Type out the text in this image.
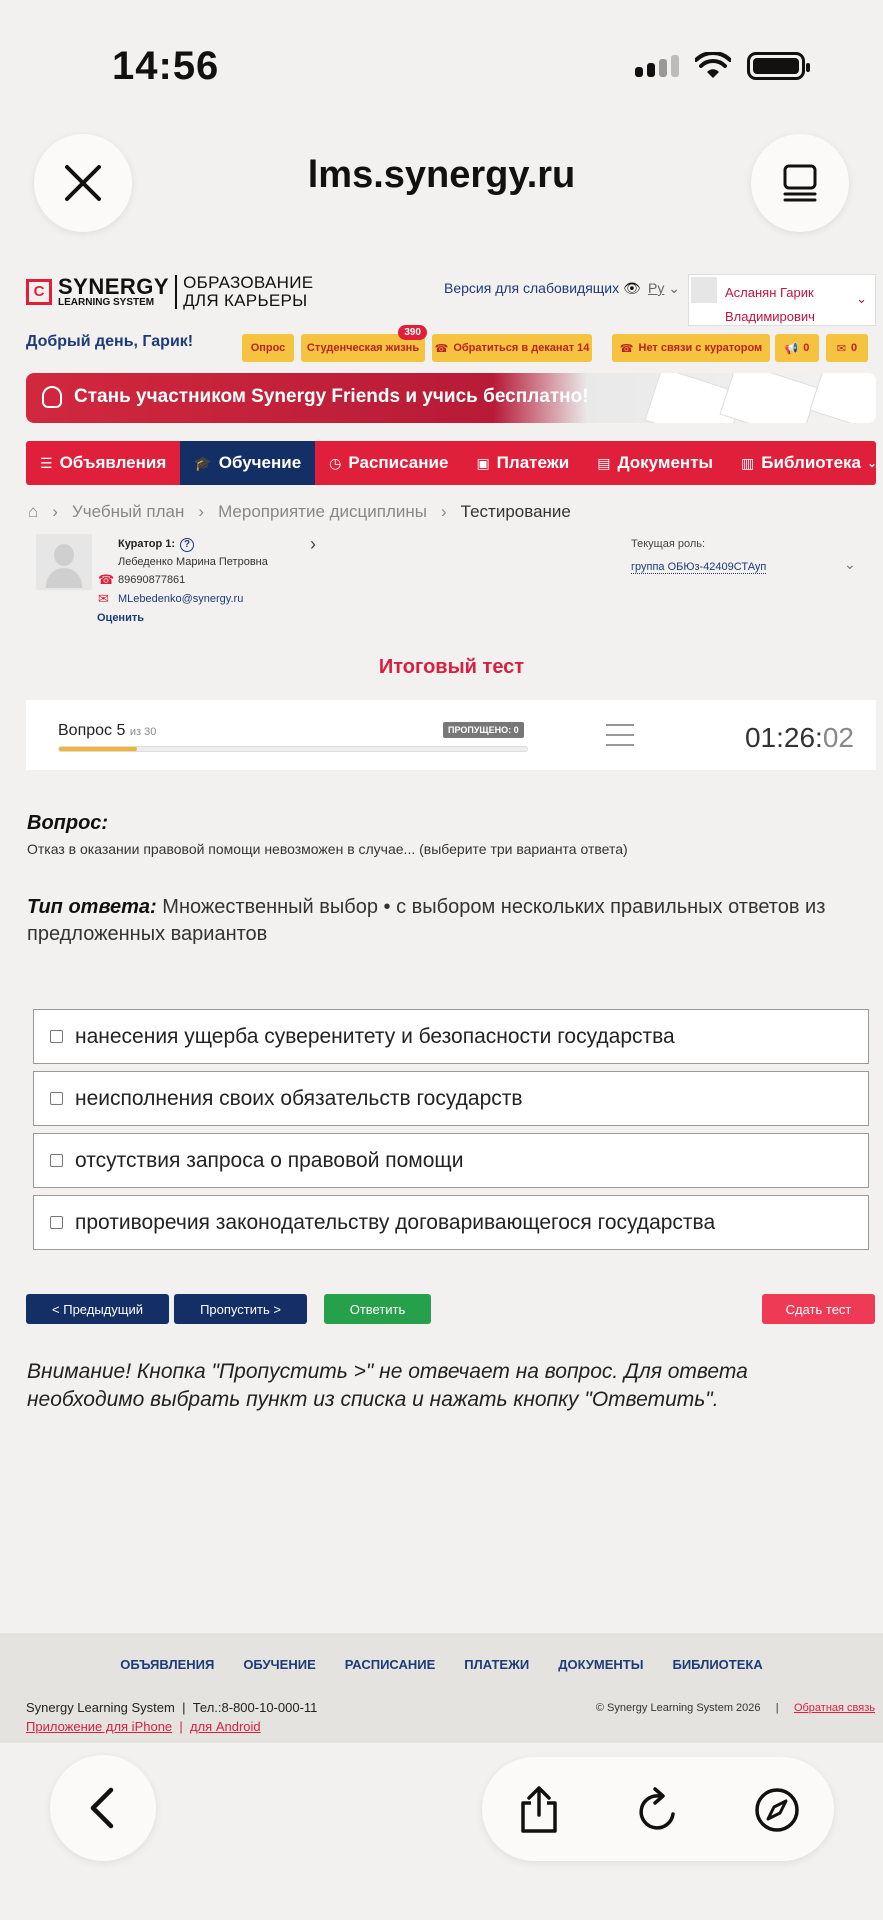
14:56
lms.synergy.ru
С SYNERGY
LEARNING SYSTEM
ОБРАЗОВАНИЕ
ДЛЯ КАРЬЕРЫ
Версия для слабовидящих 👁 Ру ⌄	Асланян Гарик
Владимирович
⌄
Добрый день, Гарик!	Опрос Студенческая жизнь
390
☎ Обратиться в деканат 14	☎ Нет связи с куратором 📢 0 ✉ 0
Стань участником Synergy Friends и учись бесплатно!
☰ Объявления 🎓 Обучение ◷ Расписание ▣ Платежи ▤ Документы ▥ Библиотека ⌄
⌂ › Учебный план › Мероприятие дисциплины › Тестирование
Куратор 1: ?
Лебеденко Марина Петровна
☎ 89690877861
✉ MLebedenko@synergy.ru
Оценить
›	Текущая роль:
группа ОБЮз-42409СТАуп	⌄
Итоговый тест
Вопрос 5 из 30	ПРОПУЩЕНО: 0	01:26:02
Вопрос:
Отказ в оказании правовой помощи невозможен в случае... (выберите три варианта ответа)
Тип ответа: Множественный выбор • с выбором нескольких правильных ответов из предложенных вариантов
нанесения ущерба суверенитету и безопасности государства
неисполнения своих обязательств государств
отсутствия запроса о правовой помощи
противоречия законодательству договаривающегося государства
< Предыдущий	Пропустить >	Ответить	Сдать тест
Внимание! Кнопка "Пропустить >" не отвечает на вопрос. Для ответа необходимо выбрать пункт из списка и нажать кнопку "Ответить".
ОБЪЯВЛЕНИЯ ОБУЧЕНИЕ РАСПИСАНИЕ ПЛАТЕЖИ ДОКУМЕНТЫ БИБЛИОТЕКА
Synergy Learning System  |  Тел.:8-800-10-000-11
Приложение для iPhone  |  для Android
© Synergy Learning System 2026     |     Обратная связь
